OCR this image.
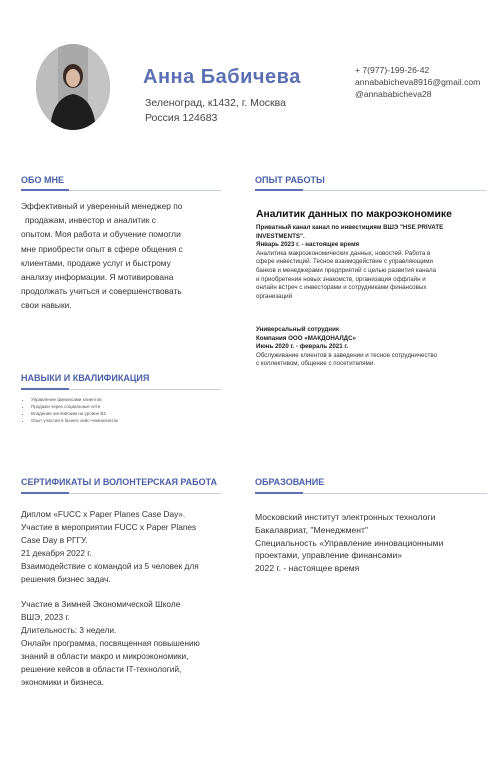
Анна Бабичева
Зеленоград, к1432, г. Москва
Россия 124683
+ 7(977)-199-26-42
annababicheva8916@gmail.com
@annababicheva28
ОБО МНЕ
Эффективный и уверенный менеджер по
продажам, инвестор и аналитик с
опытом. Моя работа и обучение помогли
мне приобрести опыт в сфере общения с
клиентами, продаже услуг и быстрому
анализу информации. Я мотивирована
продолжать учиться и совершенствовать
свои навыки.
НАВЫКИ И КВАЛИФИКАЦИЯ
• Управление финансами клиентов
• Продажи через социальные сети
• Владение английским на уровне B2
• Опыт участия в бизнес кейс-чемпионатах
СЕРТИФИКАТЫ И ВОЛОНТЕРСКАЯ РАБОТА
Диплом «FUCC x Paper Planes Case Day».
Участие в мероприятии FUCC x Paper Planes
Case Day в РГГУ.
21 декабря 2022 г.
Взаимодействие с командой из 5 человек для
решения бизнес задач.
Участие в Зимней Экономической Школе
ВШЭ, 2023 г.
Длительность: 3 недели.
Онлайн программа, посвященная повышению
знаний в области макро и микроэкономики,
решение кейсов в области IT-технологий,
экономики и бизнеса.
ОПЫТ РАБОТЫ
Аналитик данных по макроэкономике
Приватный канал канал по инвестициям ВШЭ "HSE PRIVATE
INVESTMENTS".
Январь 2023 г. - настоящее время
Аналитика макроэкономических данных, новостей. Работа в
сфере инвестиций. Тесное взаимодействие с управляющими
банков и менеджерами предприятий с целью развития канала
и приобретения новых знакомств, организация оффлайн и
онлайн встреч с инвесторами и сотрудниками финансовых
организаций
Универсальный сотрудник
Компания ООО «МАКДОНАЛДС»
Июнь 2020 г. - февраль 2021 г.
Обслуживание клиентов в заведении и тесное сотрудничество
с коллективом, общение с посетителями.
ОБРАЗОВАНИЕ
Московский институт электронных технологи
Бакалавриат, "Менеджмент"
Специальность «Управление инновационными
проектами, управление финансами»
2022 г. - настоящее время
